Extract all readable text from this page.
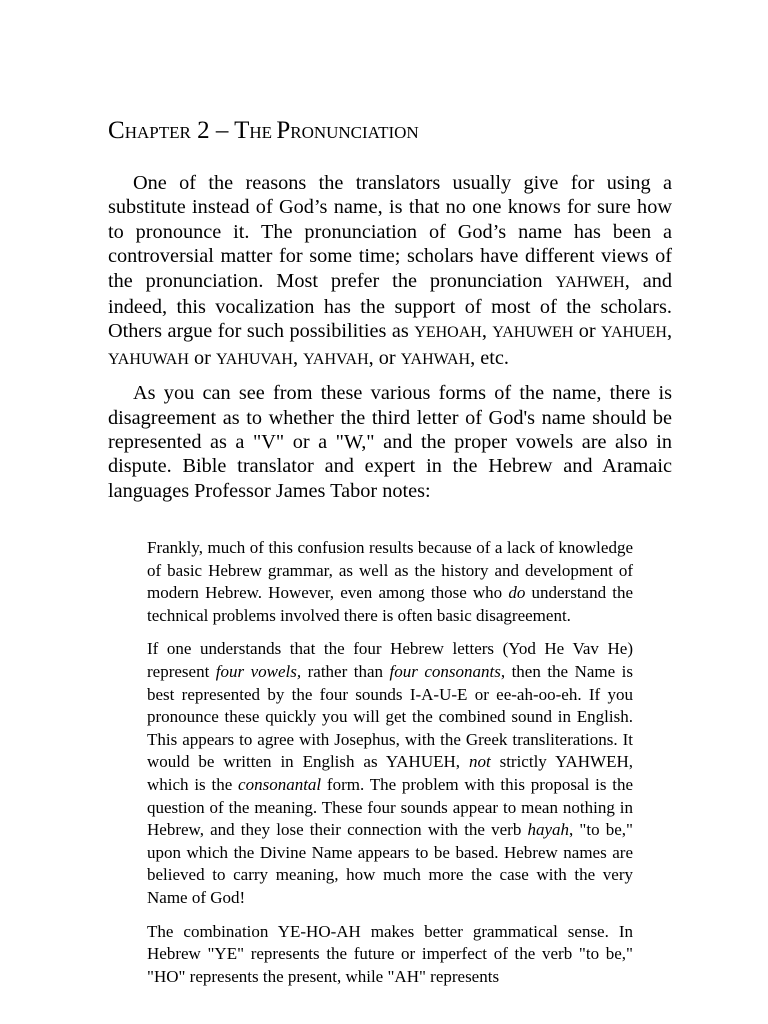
CHAPTER 2 – THE PRONUNCIATION

One of the reasons the translators usually give for using a substitute instead of God’s name, is that no one knows for sure how to pronounce it. The pronunciation of God’s name has been a controversial matter for some time; scholars have different views of the pronunciation. Most prefer the pronunciation YAHWEH, and indeed, this vocalization has the support of most of the scholars. Others argue for such possibilities as YEHOAH, YAHUWEH or YAHUEH, YAHUWAH or YAHUVAH, YAHVAH, or YAHWAH, etc.

As you can see from these various forms of the name, there is disagreement as to whether the third letter of God's name should be represented as a "V" or a "W," and the proper vowels are also in dispute. Bible translator and expert in the Hebrew and Aramaic languages Professor James Tabor notes:

Frankly, much of this confusion results because of a lack of knowledge of basic Hebrew grammar, as well as the history and development of modern Hebrew. However, even among those who do understand the technical problems involved there is often basic disagreement.

If one understands that the four Hebrew letters (Yod He Vav He) represent four vowels, rather than four consonants, then the Name is best represented by the four sounds I-A-U-E or ee-ah-oo-eh. If you pronounce these quickly you will get the combined sound in English. This appears to agree with Josephus, with the Greek transliterations. It would be written in English as YAHUEH, not strictly YAHWEH, which is the consonantal form. The problem with this proposal is the question of the meaning. These four sounds appear to mean nothing in Hebrew, and they lose their connection with the verb hayah, "to be," upon which the Divine Name appears to be based. Hebrew names are believed to carry meaning, how much more the case with the very Name of God!

The combination YE-HO-AH makes better grammatical sense. In Hebrew "YE" represents the future or imperfect of the verb "to be," "HO" represents the present, while "AH" represents
